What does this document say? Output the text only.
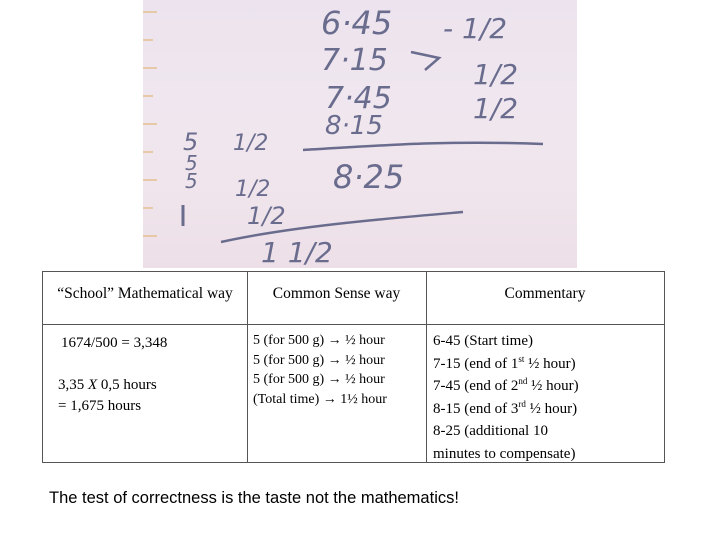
6·45
7·15
7·45
8·15
8·25
- 1/2
1/2
1/2
1/2
1/2
1/2
1 1/2
5
5
5
“School” Mathematical way	Common Sense way	Commentary
1674/500 = 3,348
3,35 X 0,5 hours
= 1,675 hours
5 (for 500 g) → ½ hour
5 (for 500 g) → ½ hour
5 (for 500 g) → ½ hour
(Total time) → 1½ hour
6-45 (Start time)
7-15 (end of 1st ½ hour)
7-45 (end of 2nd ½ hour)
8-15 (end of 3rd ½ hour)
8-25 (additional 10
minutes to compensate)
The test of correctness is the taste not the mathematics!
